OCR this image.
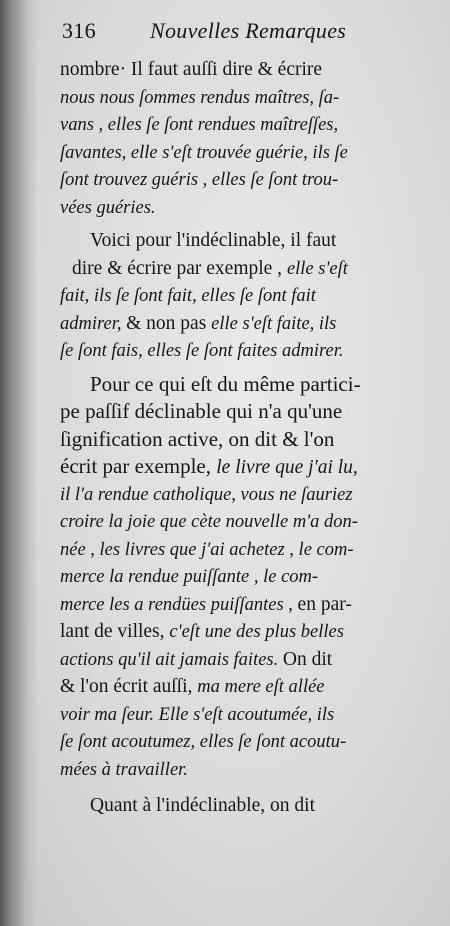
316 Nouvelles Remarques
nombre· Il faut auſſi dire & écrire
nous nous ſommes rendus maîtres, ſa-
vans , elles ſe ſont rendues maîtreſſes,
ſavantes, elle s'eſt trouvée guérie, ils ſe
ſont trouvez guéris , elles ſe ſont trou-
vées guéries.
Voici pour l'indéclinable, il faut
dire & écrire par exemple , elle s'eſt
fait, ils ſe ſont fait, elles ſe ſont fait
admirer, & non pas elle s'eſt faite, ils
ſe ſont fais, elles ſe ſont faites admirer.
Pour ce qui eſt du même partici-
pe paſſif déclinable qui n'a qu'une
ſignification active, on dit & l'on
écrit par exemple, le livre que j'ai lu,
il l'a rendue catholique, vous ne ſauriez
croire la joie que cète nouvelle m'a don-
née , les livres que j'ai achetez , le com-
merce la rendue puiſſante , le com-
merce les a rendües puiſſantes , en par-
lant de villes, c'eſt une des plus belles
actions qu'il ait jamais faites. On dit
& l'on écrit auſſi, ma mere eſt allée
voir ma ſeur. Elle s'eſt acoutumée, ils
ſe ſont acoutumez, elles ſe ſont acoutu-
mées à travailler.
Quant à l'indéclinable, on dit
